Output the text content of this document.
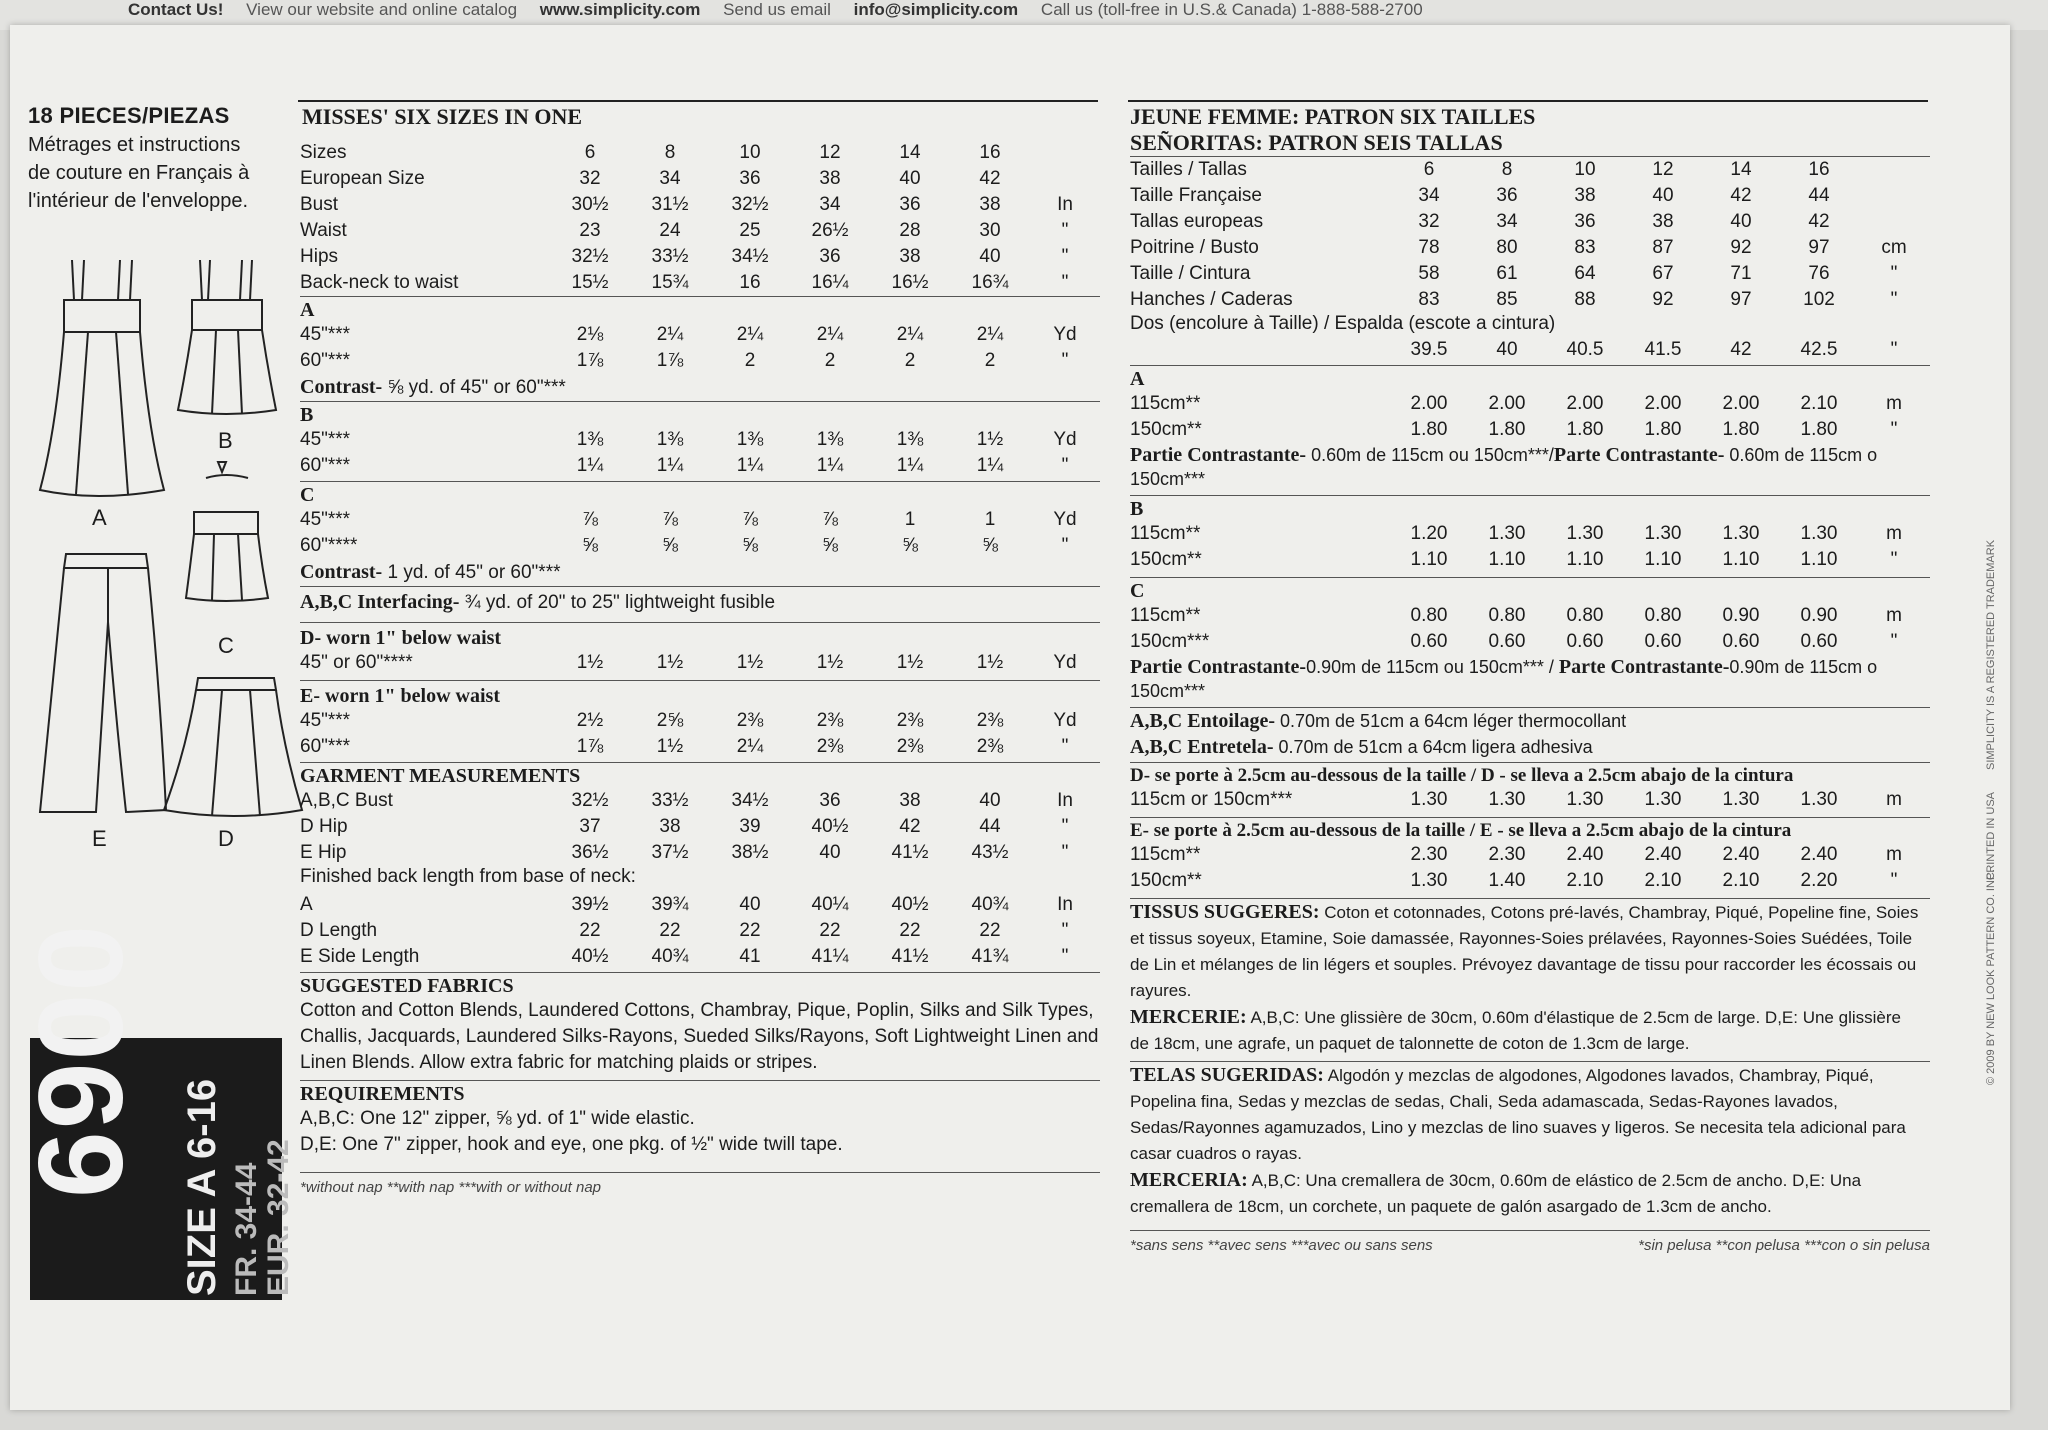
Contact Us! View our website and online catalog www.simplicity.com Send us email info@simplicity.com Call us (toll-free in U.S.& Canada) 1-888-588-2700
18 PIECES/PIEZAS
Métrages et instructions
de couture en Français à
l'intérieur de l'enveloppe.
B
A
C
E	D
6900 SIZE A 6-16 FR. 34-44 EUR. 32-42
MISSES' SIX SIZES IN ONE
Sizes	6	8	10	12	14	16	
European Size	32	34	36	38	40	42	
Bust	30½	31½	32½	34	36	38	In
Waist	23	24	25	26½	28	30	"
Hips	32½	33½	34½	36	38	40	"
Back-neck to waist	15½	15¾	16	16¼	16½	16¾	"
A
45"***	2⅛	2¼	2¼	2¼	2¼	2¼	Yd
60"***	1⅞	1⅞	2	2	2	2	"
Contrast- ⅝ yd. of 45" or 60"***
B
45"***	1⅜	1⅜	1⅜	1⅜	1⅜	1½	Yd
60"***	1¼	1¼	1¼	1¼	1¼	1¼	"
C
45"***	⅞	⅞	⅞	⅞	1	1	Yd
60"****	⅝	⅝	⅝	⅝	⅝	⅝	"
Contrast- 1 yd. of 45" or 60"***
A,B,C Interfacing- ¾ yd. of 20" to 25" lightweight fusible
D- worn 1" below waist
45" or 60"****	1½	1½	1½	1½	1½	1½	Yd
E- worn 1" below waist
45"***	2½	2⅝	2⅜	2⅜	2⅜	2⅜	Yd
60"***	1⅞	1½	2¼	2⅜	2⅜	2⅜	"
GARMENT MEASUREMENTS
A,B,C Bust	32½	33½	34½	36	38	40	In
D Hip	37	38	39	40½	42	44	"
E Hip	36½	37½	38½	40	41½	43½	"
Finished back length from base of neck:
A	39½	39¾	40	40¼	40½	40¾	In
D Length	22	22	22	22	22	22	"
E Side Length	40½	40¾	41	41¼	41½	41¾	"
SUGGESTED FABRICS
Cotton and Cotton Blends, Laundered Cottons, Chambray, Pique, Poplin, Silks and Silk Types, Challis, Jacquards, Laundered Silks-Rayons, Sueded Silks/Rayons, Soft Lightweight Linen and Linen Blends. Allow extra fabric for matching plaids or stripes.
REQUIREMENTS
A,B,C: One 12" zipper, ⅝ yd. of 1" wide elastic.
D,E: One 7" zipper, hook and eye, one pkg. of ½" wide twill tape.
*without nap **with nap ***with or without nap
JEUNE FEMME: PATRON SIX TAILLES
SEÑORITAS: PATRON SEIS TALLAS
Tailles / Tallas	6	8	10	12	14	16	
Taille Française	34	36	38	40	42	44	
Tallas europeas	32	34	36	38	40	42	
Poitrine / Busto	78	80	83	87	92	97	cm
Taille / Cintura	58	61	64	67	71	76	"
Hanches / Caderas	83	85	88	92	97	102	"
Dos (encolure à Taille) / Espalda (escote a cintura)
	39.5	40	40.5	41.5	42	42.5	"
A
115cm**	2.00	2.00	2.00	2.00	2.00	2.10	m
150cm**	1.80	1.80	1.80	1.80	1.80	1.80	"
Partie Contrastante- 0.60m de 115cm ou 150cm***/Parte Contrastante- 0.60m de 115cm o 150cm***
B
115cm**	1.20	1.30	1.30	1.30	1.30	1.30	m
150cm**	1.10	1.10	1.10	1.10	1.10	1.10	"
C
115cm**	0.80	0.80	0.80	0.80	0.90	0.90	m
150cm***	0.60	0.60	0.60	0.60	0.60	0.60	"
Partie Contrastante-0.90m de 115cm ou 150cm*** / Parte Contrastante-0.90m de 115cm o 150cm***
A,B,C Entoilage- 0.70m de 51cm a 64cm léger thermocollant
A,B,C Entretela- 0.70m de 51cm a 64cm ligera adhesiva
D- se porte à 2.5cm au-dessous de la taille / D - se lleva a 2.5cm abajo de la cintura
115cm or 150cm***	1.30	1.30	1.30	1.30	1.30	1.30	m
E- se porte à 2.5cm au-dessous de la taille / E - se lleva a 2.5cm abajo de la cintura
115cm**	2.30	2.30	2.40	2.40	2.40	2.40	m
150cm**	1.30	1.40	2.10	2.10	2.10	2.20	"
TISSUS SUGGERES: Coton et cotonnades, Cotons pré-lavés, Chambray, Piqué, Popeline fine, Soies et tissus soyeux, Etamine, Soie damassée, Rayonnes-Soies prélavées, Rayonnes-Soies Suédées, Toile de Lin et mélanges de lin légers et souples. Prévoyez davantage de tissu pour raccorder les écossais ou rayures.
MERCERIE: A,B,C: Une glissière de 30cm, 0.60m d'élastique de 2.5cm de large. D,E: Une glissière de 18cm, une agrafe, un paquet de talonnette de coton de 1.3cm de large.
TELAS SUGERIDAS: Algodón y mezclas de algodones, Algodones lavados, Chambray, Piqué, Popelina fina, Sedas y mezclas de sedas, Chali, Seda adamascada, Sedas-Rayones lavados, Sedas/Rayonnes agamuzados, Lino y mezclas de lino suaves y ligeros. Se necesita tela adicional para casar cuadros o rayas.
MERCERIA: A,B,C: Una cremallera de 30cm, 0.60m de elástico de 2.5cm de ancho. D,E: Una cremallera de 18cm, un corchete, un paquete de galón asargado de 1.3cm de ancho.
*sans sens **avec sens ***avec ou sans sens	*sin pelusa **con pelusa ***con o sin pelusa
© 2009 BY NEW LOOK PATTERN CO. INC.
PRINTED IN USA
SIMPLICITY IS A REGISTERED TRADEMARK
